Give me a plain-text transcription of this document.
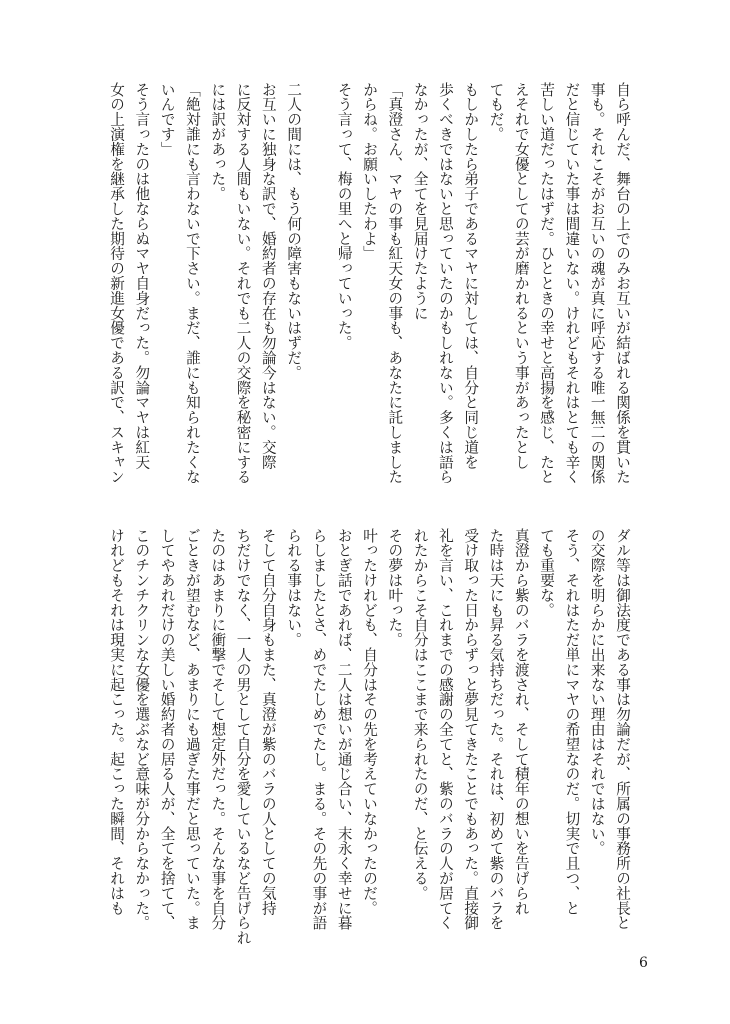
自ら呼んだ、舞台の上でのみお互いが結ばれる関係を貫いた
事も。それこそがお互いの魂が真に呼応する唯一無二の関係
だと信じていた事は間違いない。けれどもそれはとても辛く
苦しい道だったはずだ。ひとときの幸せと高揚を感じ、たと
えそれで女優としての芸が磨かれるという事があったとし
てもだ。
もしかしたら弟子であるマヤに対しては、自分と同じ道を
歩くべきではないと思っていたのかもしれない。多くは語ら
なかったが、全てを見届けたように
「真澄さん、マヤの事も紅天女の事も、あなたに託しました
からね。お願いしたわよ」
そう言って、梅の里へと帰っていった。
二人の間には、もう何の障害もないはずだ。
お互いに独身な訳で、婚約者の存在も勿論今はない。交際
に反対する人間もいない。それでも二人の交際を秘密にする
には訳があった。
「絶対誰にも言わないで下さい。まだ、誰にも知られたくな
いんです」
そう言ったのは他ならぬマヤ自身だった。勿論マヤは紅天
女の上演権を継承した期待の新進女優である訳で、スキャン
ダル等は御法度である事は勿論だが、所属の事務所の社長と
の交際を明らかに出来ない理由はそれではない。
そう、それはただ単にマヤの希望なのだ。切実で且つ、と
ても重要な。
真澄から紫のバラを渡され、そして積年の想いを告げられ
た時は天にも昇る気持ちだった。それは、初めて紫のバラを
受け取った日からずっと夢見てきたことでもあった。直接御
礼を言い、これまでの感謝の全てと、紫のバラの人が居てく
れたからこそ自分はここまで来られたのだ、と伝える。
その夢は叶った。
叶ったけれども、自分はその先を考えていなかったのだ。
おとぎ話であれば、二人は想いが通じ合い、末永く幸せに暮
らしましたとさ、めでたしめでたし。まる。その先の事が語
られる事はない。
そして自分自身もまた、真澄が紫のバラの人としての気持
ちだけでなく、一人の男として自分を愛しているなど告げられ
たのはあまりに衝撃でそして想定外だった。そんな事を自分
ごときが望むなど、あまりにも過ぎた事だと思っていた。ま
してやあれだけの美しい婚約者の居る人が、全てを捨てて、
このチンチクリンな女優を選ぶなど意味が分からなかった。
けれどもそれは現実に起こった。起こった瞬間、それはも
6
